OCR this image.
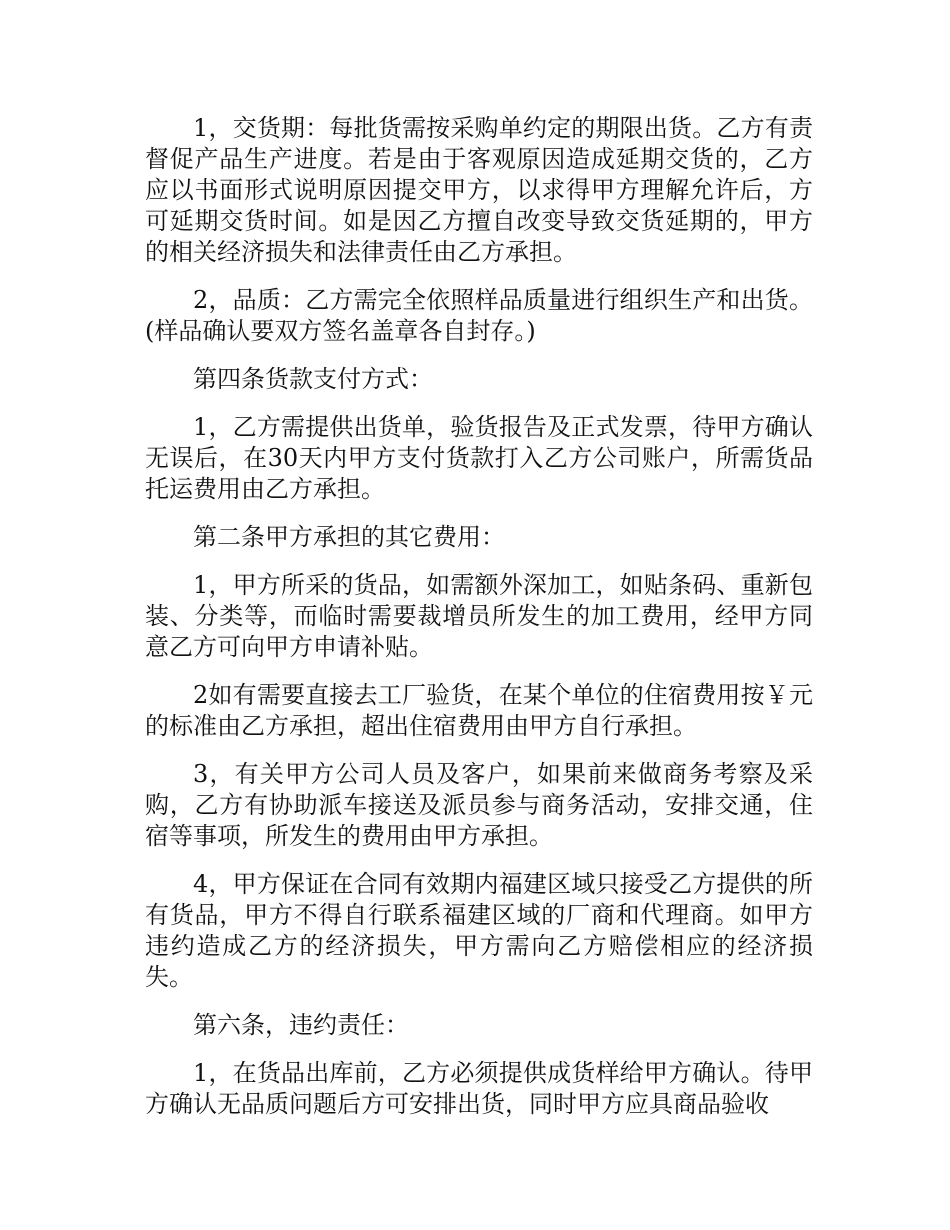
1，交货期：每批货需按采购单约定的期限出货。乙方有责督促产品生产进度。若是由于客观原因造成延期交货的，乙方应以书面形式说明原因提交甲方，以求得甲方理解允许后，方可延期交货时间。如是因乙方擅自改变导致交货延期的，甲方的相关经济损失和法律责任由乙方承担。

2，品质：乙方需完全依照样品质量进行组织生产和出货。(样品确认要双方签名盖章各自封存。)

第四条货款支付方式：

1，乙方需提供出货单，验货报告及正式发票，待甲方确认无误后，在30天内甲方支付货款打入乙方公司账户，所需货品托运费用由乙方承担。

第二条甲方承担的其它费用：

1，甲方所采的货品，如需额外深加工，如贴条码、重新包装、分类等，而临时需要裁增员所发生的加工费用，经甲方同意乙方可向甲方申请补贴。

2如有需要直接去工厂验货，在某个单位的住宿费用按￥元的标准由乙方承担，超出住宿费用由甲方自行承担。

3，有关甲方公司人员及客户，如果前来做商务考察及采购，乙方有协助派车接送及派员参与商务活动，安排交通，住宿等事项，所发生的费用由甲方承担。

4，甲方保证在合同有效期内福建区域只接受乙方提供的所有货品，甲方不得自行联系福建区域的厂商和代理商。如甲方违约造成乙方的经济损失，甲方需向乙方赔偿相应的经济损失。

第六条，违约责任：

1，在货品出库前，乙方必须提供成货样给甲方确认。待甲方确认无品质问题后方可安排出货，同时甲方应具商品验收
